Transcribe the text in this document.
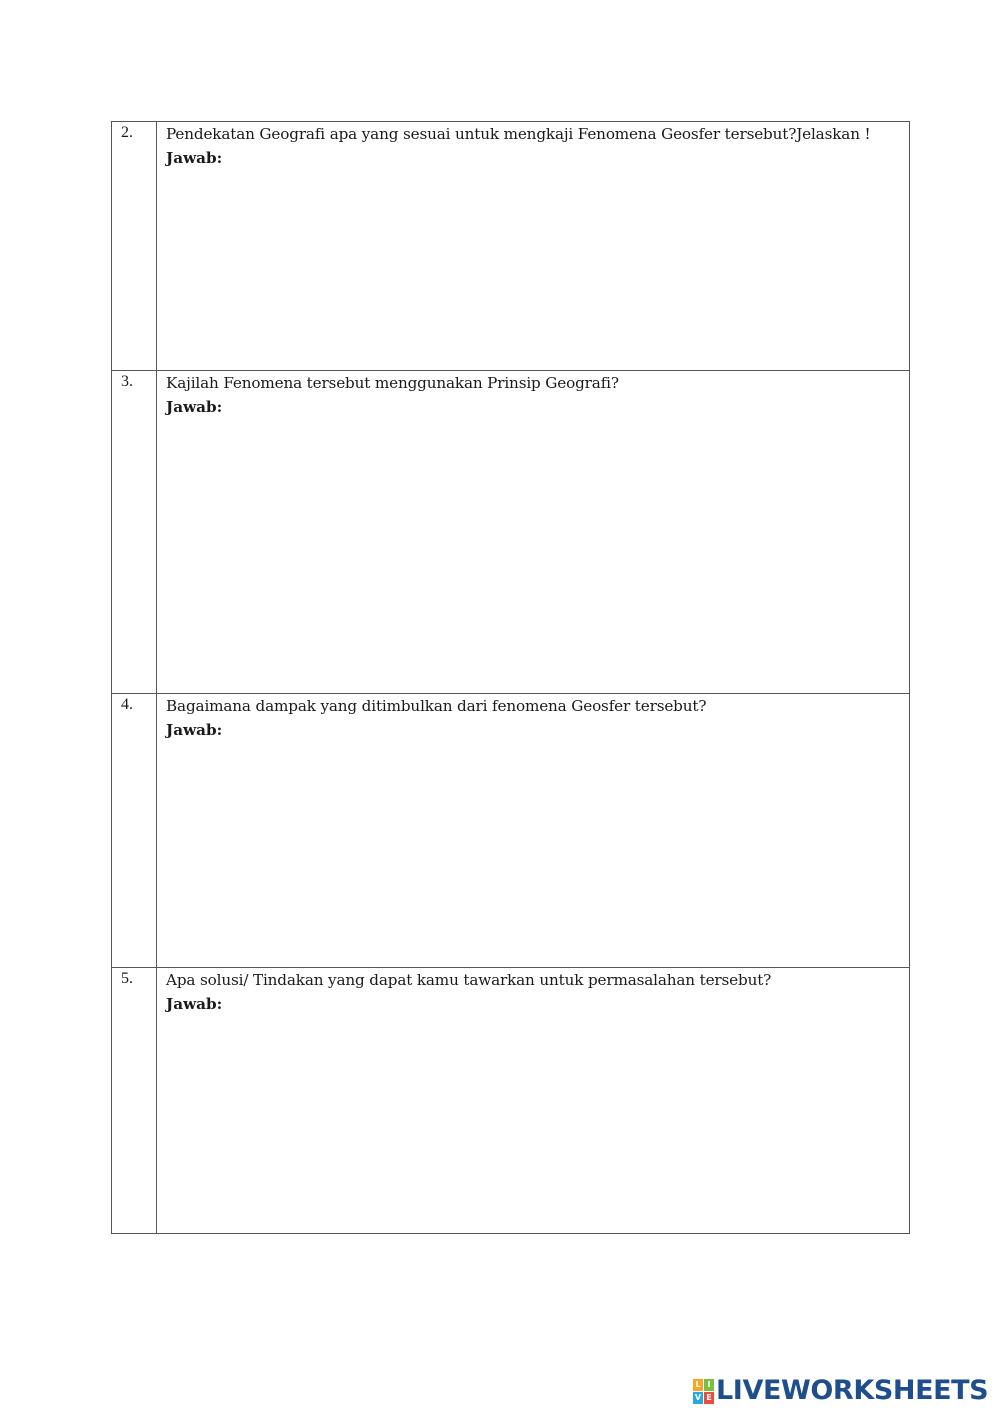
2.	Pendekatan Geografi apa yang sesuai untuk mengkaji Fenomena Geosfer tersebut?Jelaskan !
Jawab:

3.	Kajilah Fenomena tersebut menggunakan Prinsip Geografi?
Jawab:

4.	Bagaimana dampak yang ditimbulkan dari fenomena Geosfer tersebut?
Jawab:

5.	Apa solusi/ Tindakan yang dapat kamu tawarkan untuk permasalahan tersebut?
Jawab:
L I
V E LIVEWORKSHEETS
